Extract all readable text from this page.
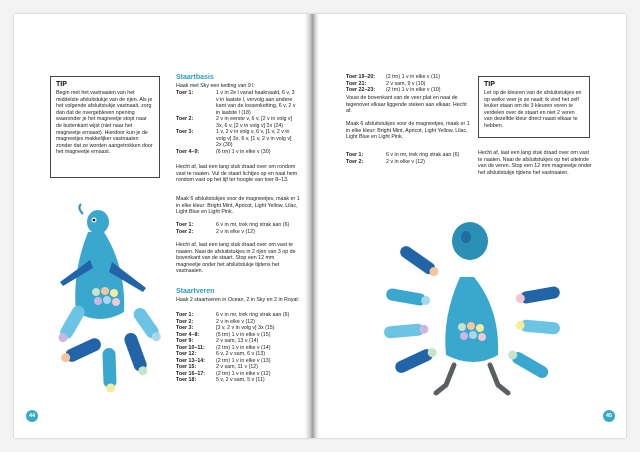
TIP

Begin met het vastnaaien van het middelste afsluitstukje van de rijen. Als je het volgende afsluitstukje vastnaait, zorg dan dat de overgebleven opening waaronder je het magneetje stopt naar de buitenkant wijst (niet naar het magneetje ernaast). Hierdoor kun je de magneetjes makkelijker vastnaaien zonder dat ze worden aangetrokken door het magneetje ernaast.

Staartbasis
Haak met Sky een ketting van 9 l:
Toer 1:	1 v in 2e l vanaf haaknaald, 6 v, 3 v in laatste l, vervolg aan andere kant van de lossenketting, 6 v, 2 v in laatste l (18)
Toer 2:	2 v in eerste v, 6 v, [2 v in volg v] 3x, 6 v, [2 v in volg v] 2x (24)
Toer 3:	1 v, 2 v in volg v, 6 v, [1 v, 2 v in volg v] 3x, 6 v, [1 v, 2 v in volg v] 2x (30)
Toer 4–9:	(6 trn) 1 v in elke v (30)
Hecht af, laat een lang stuk draad over om rondom vast te naaien. Vul de staart lichtjes op en naai hem rondom vast op het lijf ter hoogte van toer 8–13.
Maak 6 afsluitstukjes voor de magneetjes, maak er 1 in elke kleur: Bright Mint, Apricot, Light Yellow, Lilac, Light Blue en Light Pink.
Toer 1:	6 v in mr, trek ring strak aan (6)
Toer 2:	2 v in elke v (12)
Hecht af, laat een lang stuk draad over om vast te naaien. Naai de afsluitstukjes in 2 rijen van 3 op de bovenkant van de staart. Stop een 12 mm magneetje onder het afsluitstukje tijdens het vastnaaien.
Staartveren
Haak 2 staartveren in Ocean, 2 in Sky en 2 in Royal:
Toer 1:	6 v in mr, trek ring strak aan (6)
Toer 2:	2 v in elke v (12)
Toer 3:	[3 v, 2 v in volg v] 3x (15)
Toer 4–8:	(5 trn) 1 v in elke v (15)
Toer 9:	2 v sam, 13 v (14)
Toer 10–11:	(2 trn) 1 v in elke v (14)
Toer 12:	6 v, 2 v sam, 6 v (13)
Toer 13–14:	(2 trn) 1 v in elke v (13)
Toer 15:	2 v sam, 11 v (12)
Toer 16–17:	(2 trn) 1 v in elke v (12)
Toer 18:	5 v, 2 v sam, 5 v (11)
44
Toer 19–20:	(2 trn) 1 v in elke v (11)
Toer 21:	2 v sam, 9 v (10)
Toer 22–23:	(2 trn) 1 v in elke v (10)
Vouw de bovenkant van de veer plat en naai de tegenover elkaar liggende steken aan elkaar. Hecht af.
Maak 6 afsluitstukjes voor de magneetjes, maak er 1 in elke kleur: Bright Mint, Apricot, Light Yellow, Lilac, Light Blue en Light Pink.
Toer 1:	6 v in mr, trek ring strak aan (6)
Toer 2:	2 v in elke v (12)
TIP

Let op de kleuren van de afsluitstukjes en op welke veer je ze naait; ik vind het zelf leuker staan om de 3 kleuren veren te verdelen over de staart en niet 2 veren van dezelfde kleur direct naast elkaar te hebben.

Hecht af, laat een lang stuk draad over om vast te naaien. Naai de afsluitstukjes op het uiteinde van de veren. Stop een 12 mm magneetje onder het afsluitstukje tijdens het vastnaaien.
45
